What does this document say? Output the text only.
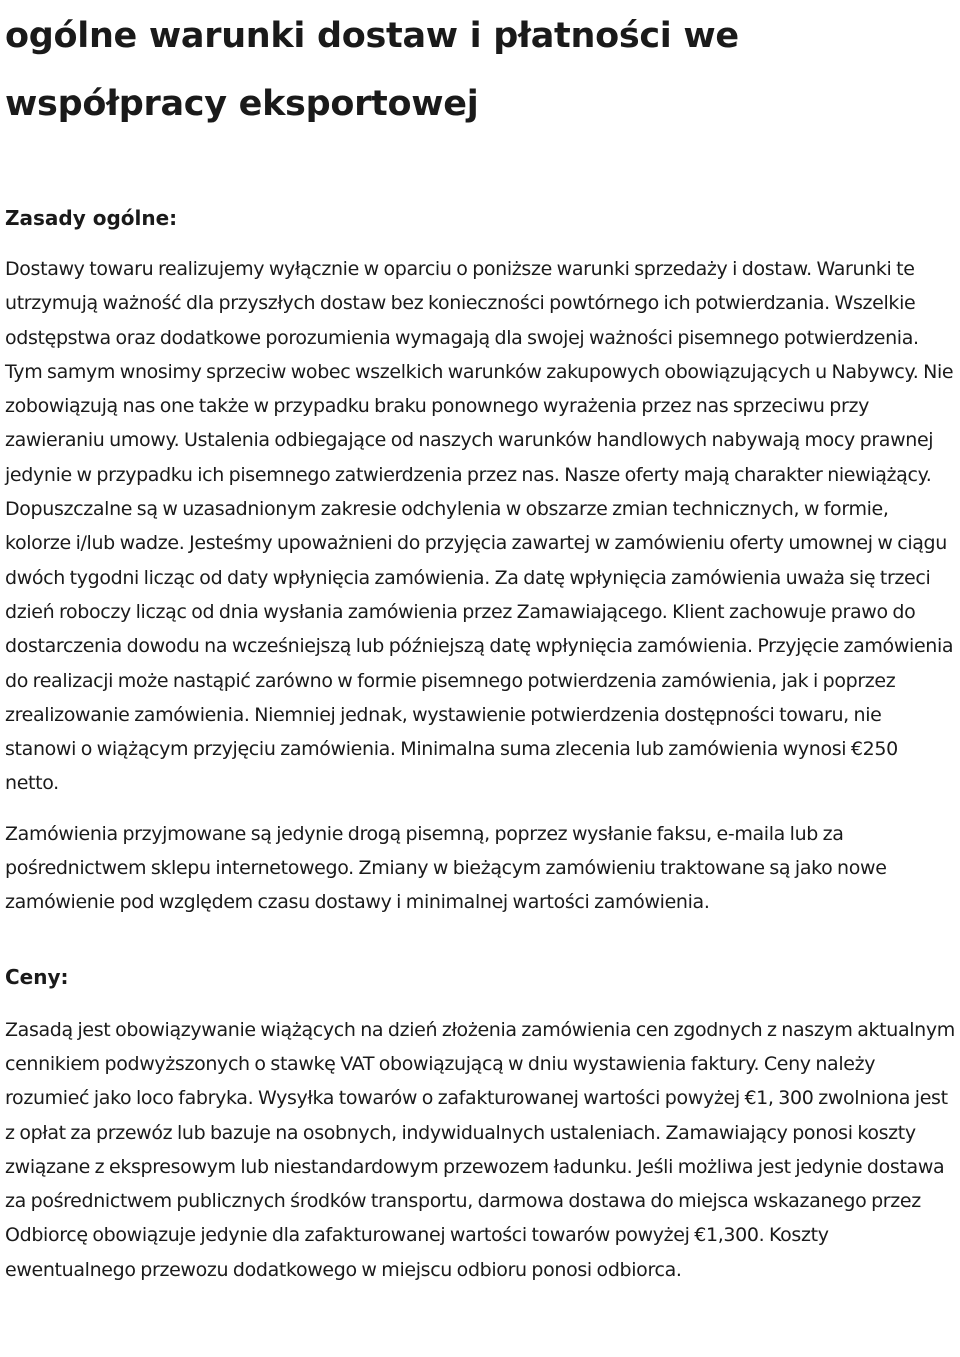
ogólne warunki dostaw i płatności we współpracy eksportowej
Zasady ogólne:

Dostawy towaru realizujemy wyłącznie w oparciu o poniższe warunki sprzedaży i dostaw. Warunki te utrzymują ważność dla przyszłych dostaw bez konieczności powtórnego ich potwierdzania. Wszelkie odstępstwa oraz dodatkowe porozumienia wymagają dla swojej ważności pisemnego potwierdzenia. Tym samym wnosimy sprzeciw wobec wszelkich warunków zakupowych obowiązujących u Nabywcy. Nie zobowiązują nas one także w przypadku braku ponownego wyrażenia przez nas sprzeciwu przy zawieraniu umowy. Ustalenia odbiegające od naszych warunków handlowych nabywają mocy prawnej jedynie w przypadku ich pisemnego zatwierdzenia przez nas. Nasze oferty mają charakter niewiążący. Dopuszczalne są w uzasadnionym zakresie odchylenia w obszarze zmian technicznych, w formie, kolorze i/lub wadze. Jesteśmy upoważnieni do przyjęcia zawartej w zamówieniu oferty umownej w ciągu dwóch tygodni licząc od daty wpłynięcia zamówienia. Za datę wpłynięcia zamówienia uważa się trzeci dzień roboczy licząc od dnia wysłania zamówienia przez Zamawiającego. Klient zachowuje prawo do dostarczenia dowodu na wcześniejszą lub późniejszą datę wpłynięcia zamówienia. Przyjęcie zamówienia do realizacji może nastąpić zarówno w formie pisemnego potwierdzenia zamówienia, jak i poprzez zrealizowanie zamówienia. Niemniej jednak, wystawienie potwierdzenia dostępności towaru, nie stanowi o wiążącym przyjęciu zamówienia. Minimalna suma zlecenia lub zamówienia wynosi €250 netto.

Zamówienia przyjmowane są jedynie drogą pisemną, poprzez wysłanie faksu, e-maila lub za pośrednictwem sklepu internetowego. Zmiany w bieżącym zamówieniu traktowane są jako nowe zamówienie pod względem czasu dostawy i minimalnej wartości zamówienia.

Ceny:

Zasadą jest obowiązywanie wiążących na dzień złożenia zamówienia cen zgodnych z naszym aktualnym cennikiem podwyższonych o stawkę VAT obowiązującą w dniu wystawienia faktury. Ceny należy rozumieć jako loco fabryka. Wysyłka towarów o zafakturowanej wartości powyżej €1, 300 zwolniona jest z opłat za przewóz lub bazuje na osobnych, indywidualnych ustaleniach. Zamawiający ponosi koszty związane z ekspresowym lub niestandardowym przewozem ładunku. Jeśli możliwa jest jedynie dostawa za pośrednictwem publicznych środków transportu, darmowa dostawa do miejsca wskazanego przez Odbiorcę obowiązuje jedynie dla zafakturowanej wartości towarów powyżej €1,300. Koszty ewentualnego przewozu dodatkowego w miejscu odbioru ponosi odbiorca.
